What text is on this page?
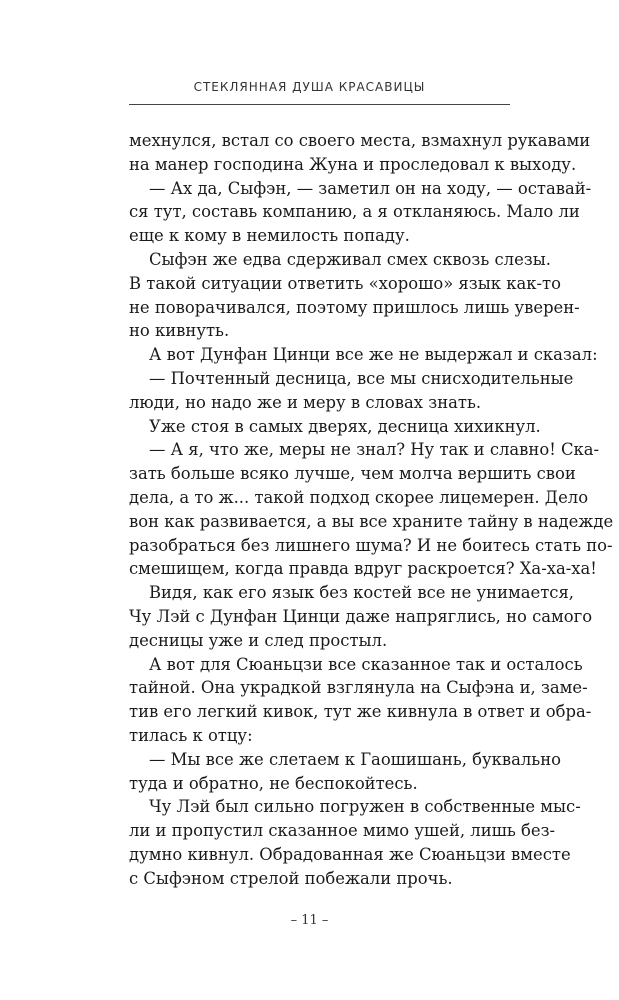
СТЕКЛЯННАЯ ДУША КРАСАВИЦЫ
мехнулся, встал со своего места, взмахнул рукавами
на манер господина Жуна и проследовал к выходу.
— Ах да, Сыфэн, — заметил он на ходу, — оставай-
ся тут, составь компанию, а я откланяюсь. Мало ли
еще к кому в немилость попаду.
Сыфэн же едва сдерживал смех сквозь слезы.
В такой ситуации ответить «хорошо» язык как-то
не поворачивался, поэтому пришлось лишь уверен-
но кивнуть.
А вот Дунфан Цинци все же не выдержал и сказал:
— Почтенный десница, все мы снисходительные
люди, но надо же и меру в словах знать.
Уже стоя в самых дверях, десница хихикнул.
— А я, что же, меры не знал? Ну так и славно! Ска-
зать больше всяко лучше, чем молча вершить свои
дела, а то ж... такой подход скорее лицемерен. Дело
вон как развивается, а вы все храните тайну в надежде
разобраться без лишнего шума? И не боитесь стать по-
смешищем, когда правда вдруг раскроется? Ха-ха-ха!
Видя, как его язык без костей все не унимается,
Чу Лэй с Дунфан Цинци даже напряглись, но самого
десницы уже и след простыл.
А вот для Сюаньцзи все сказанное так и осталось
тайной. Она украдкой взглянула на Сыфэна и, заме-
тив его легкий кивок, тут же кивнула в ответ и обра-
тилась к отцу:
— Мы все же слетаем к Гаошишань, буквально
туда и обратно, не беспокойтесь.
Чу Лэй был сильно погружен в собственные мыс-
ли и пропустил сказанное мимо ушей, лишь без-
думно кивнул. Обрадованная же Сюаньцзи вместе
с Сыфэном стрелой побежали прочь.
– 11 –
